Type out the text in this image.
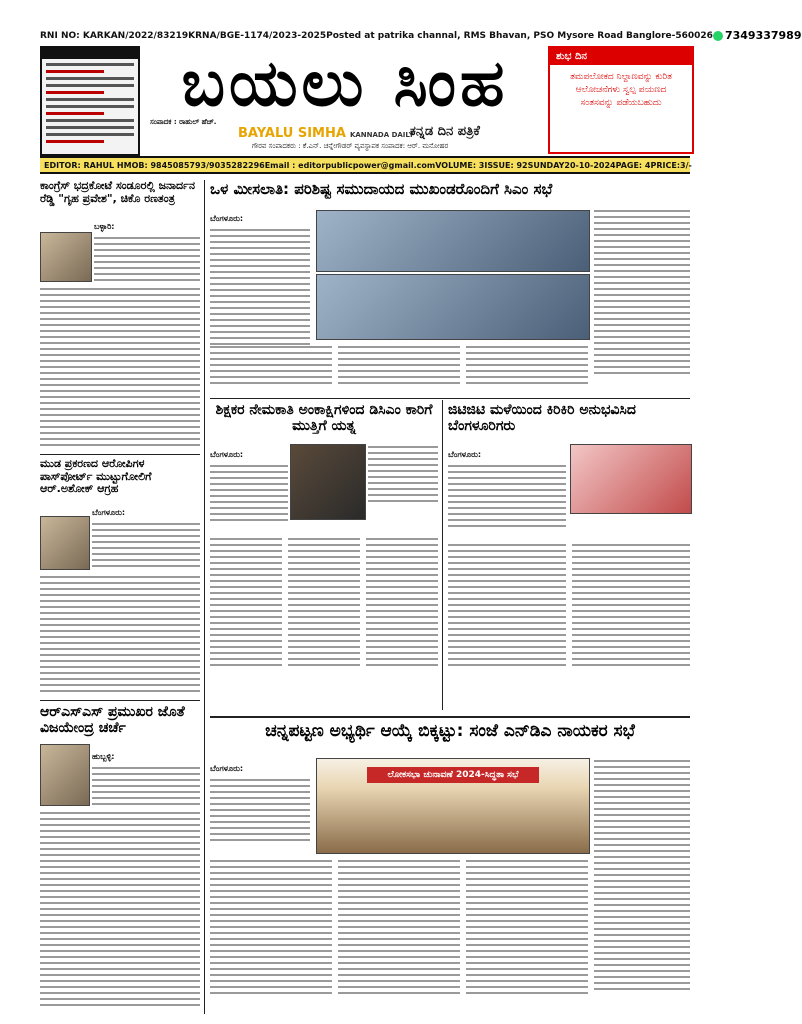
RNI NO: KARKAN/2022/83219 KRNA/BGE-1174/2023-2025 Posted at patrika channal, RMS Bhavan, PSO Mysore Road Banglore-560026	7349337989

ಬಯಲು ಸಿಂಹ
ಸಂಪಾದಕ : ರಾಹುಲ್ ಹೆಚ್.
BAYALU SIMHA KANNADA DAILY
ಕನ್ನಡ ದಿನ ಪತ್ರಿಕೆ
ಗೌರವ ಸಂಪಾದಕರು : ಕೆ.ಎನ್. ಚನ್ನೇಗೌಡರ್ ವ್ಯವಸ್ಥಾಪಕ ಸಂಪಾದಕ: ಆರ್. ಮನೋಹರ
ಶುಭ ದಿನ
ತಮಪಲೋಕದ ನಿಲ್ದಾಣವನ್ನು ಕುರಿತ ಆಲೋಚನೆಗಳು ಸ್ವಲ್ಪ ಪಯಣದ ಸಂತಸವನ್ನು ಪಡೆಯಬಹುದು
EDITOR: RAHUL H MOB: 9845085793/9035282296 Email : editorpublicpower@gmail.com VOLUME: 3 ISSUE: 92 SUNDAY 20-10-2024 PAGE: 4 PRICE:3/-
ಕಾಂಗ್ರೆಸ್ ಭದ್ರಕೋಟೆ ಸಂಡೂರಲ್ಲಿ ಜನಾರ್ದನ ರೆಡ್ಡಿ "ಗೃಹ ಪ್ರವೇಶ", ಚಿಕೊ ರಣತಂತ್ರ
ಬಳ್ಳಾರಿ:
ಮುಡ ಪ್ರಕರಣದ ಆರೋಪಿಗಳ ಪಾಸ್‌ಪೋರ್ಟ್ ಮುಟ್ಟುಗೋಲಿಗೆ ಆರ್.ಅಶೋಕ್ ಆಗ್ರಹ
ಬೆಂಗಳೂರು:
ಆರ್‌ಎಸ್‌ಎಸ್ ಪ್ರಮುಖರ ಜೊತೆ ವಿಜಯೇಂದ್ರ ಚರ್ಚೆ
ಹುಬ್ಬಳ್ಳಿ:
ಒಳ ಮೀಸಲಾತಿ: ಪರಿಶಿಷ್ಟ ಸಮುದಾಯದ ಮುಖಂಡರೊಂದಿಗೆ ಸಿಎಂ ಸಭೆ
ಬೆಂಗಳೂರು:
ಶಿಕ್ಷಕರ ನೇಮಕಾತಿ ಅಂಕಾಕ್ಷಿಗಳಿಂದ ಡಿಸಿಎಂ ಕಾರಿಗೆ ಮುತ್ತಿಗೆ ಯತ್ನ
ಬೆಂಗಳೂರು:
ಜಿಟಿಜಿಟಿ ಮಳೆಯಿಂದ ಕಿರಿಕಿರಿ ಅನುಭವಿಸಿದ ಬೆಂಗಳೂರಿಗರು
ಬೆಂಗಳೂರು:
ಚನ್ನಪಟ್ಟಣ ಅಭ್ಯರ್ಥಿ ಆಯ್ಕೆ ಬಿಕ್ಕಟ್ಟು: ಸಂಜೆ ಎನ್‌ಡಿಎ ನಾಯಕರ ಸಭೆ
ಬೆಂಗಳೂರು:
ಲೋಕಸಭಾ ಚುನಾವಣೆ 2024-ಸಿದ್ಧತಾ ಸಭೆ
